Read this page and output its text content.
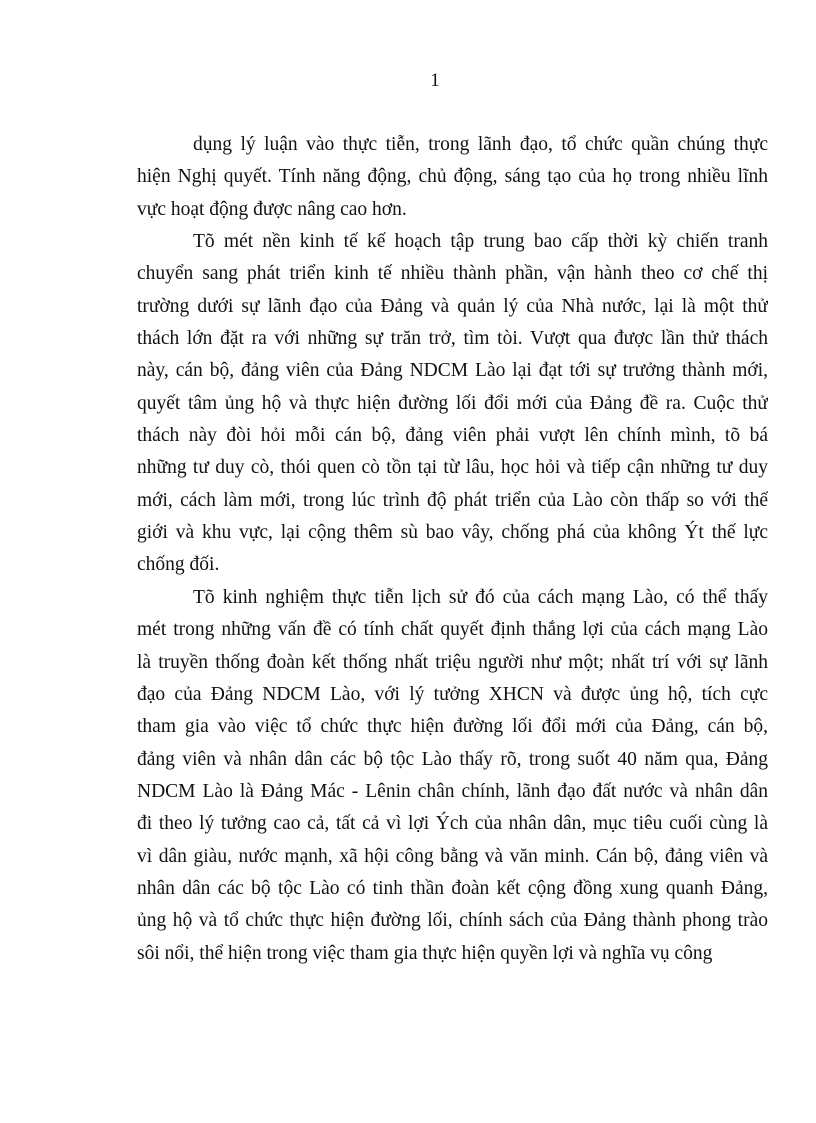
1

dụng lý luận vào thực tiễn, trong lãnh đạo, tổ chức quần chúng thực
hiện Nghị quyết. Tính năng động, chủ động, sáng tạo của họ trong nhiều lĩnh
vực hoạt động được nâng cao hơn.

Tõ mét nền kinh tế kế hoạch tập trung bao cấp thời kỳ chiến tranh
chuyển sang phát triển kinh tế nhiều thành phần, vận hành theo cơ chế thị
trường dưới sự lãnh đạo của Đảng và quản lý của Nhà nước, lại là một thử
thách lớn đặt ra với những sự trăn trở, tìm tòi. Vượt qua được lần thử thách
này, cán bộ, đảng viên của Đảng NDCM Lào lại đạt tới sự trưởng thành mới,
quyết tâm ủng hộ và thực hiện đường lối đổi mới của Đảng đề ra. Cuộc thử
thách này đòi hỏi mỗi cán bộ, đảng viên phải vượt lên chính mình, tõ bá
những tư duy cò, thói quen cò tồn tại từ lâu, học hỏi và tiếp cận những tư duy
mới, cách làm mới, trong lúc trình độ phát triển của Lào còn thấp so với thế
giới và khu vực, lại cộng thêm sù bao vây, chống phá của không Ýt thế lực
chống đối.

Tõ kinh nghiệm thực tiễn lịch sử đó của cách mạng Lào, có thể thấy
mét trong những vấn đề có tính chất quyết định thắng lợi của cách mạng Lào
là truyền thống đoàn kết thống nhất triệu người như một; nhất trí với sự lãnh
đạo của Đảng NDCM Lào, với lý tưởng XHCN và được ủng hộ, tích cực
tham gia vào việc tổ chức thực hiện đường lối đổi mới của Đảng, cán bộ,
đảng viên và nhân dân các bộ tộc Lào thấy rõ, trong suốt 40 năm qua, Đảng
NDCM Lào là Đảng Mác - Lênin chân chính, lãnh đạo đất nước và nhân dân
đi theo lý tưởng cao cả, tất cả vì lợi Ých của nhân dân, mục tiêu cuối cùng là
vì dân giàu, nước mạnh, xã hội công bằng và văn minh. Cán bộ, đảng viên và
nhân dân các bộ tộc Lào có tinh thần đoàn kết cộng đồng xung quanh Đảng,
ủng hộ và tổ chức thực hiện đường lối, chính sách của Đảng thành phong trào
sôi nổi, thể hiện trong việc tham gia thực hiện quyền lợi và nghĩa vụ công
